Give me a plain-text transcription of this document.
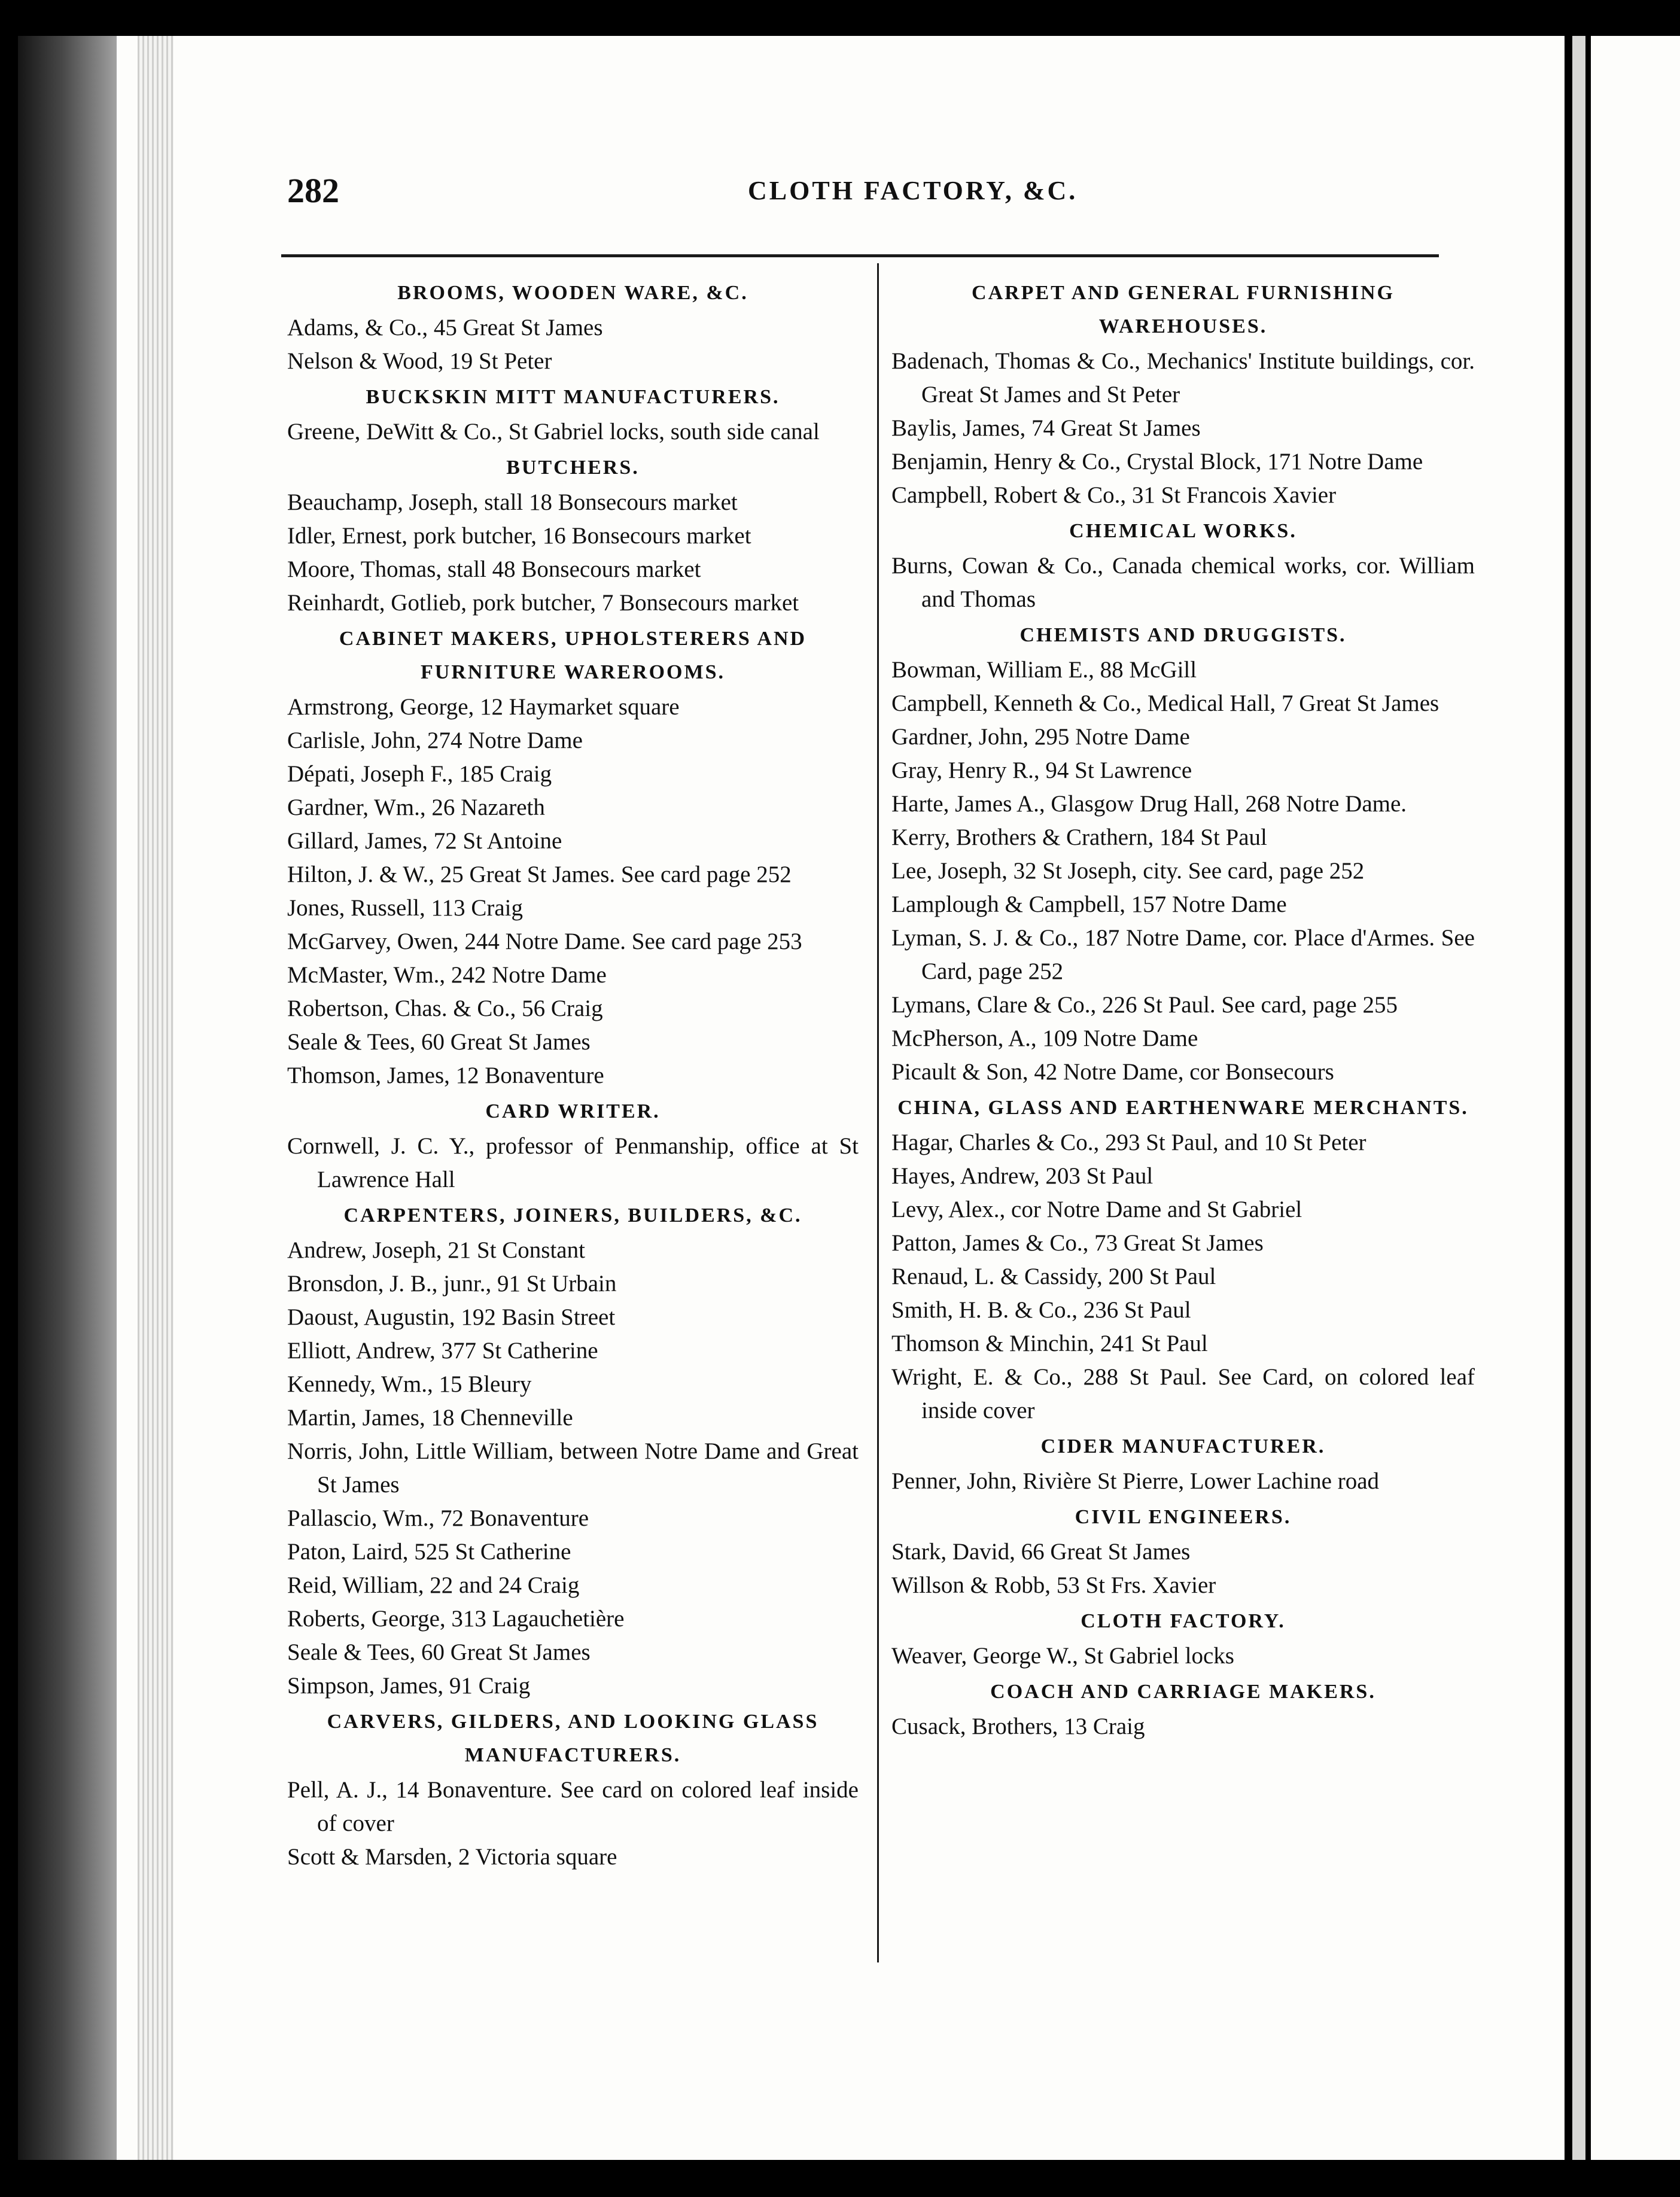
282	CLOTH FACTORY, &C.
BROOMS, WOODEN WARE, &C.
Adams, & Co., 45 Great St James
Nelson & Wood, 19 St Peter
BUCKSKIN MITT MANUFACTURERS.
Greene, DeWitt & Co., St Gabriel locks, south side canal
BUTCHERS.
Beauchamp, Joseph, stall 18 Bonsecours market
Idler, Ernest, pork butcher, 16 Bonsecours market
Moore, Thomas, stall 48 Bonsecours market
Reinhardt, Gotlieb, pork butcher, 7 Bonsecours market
CABINET MAKERS, UPHOLSTERERS AND FURNITURE WAREROOMS.
Armstrong, George, 12 Haymarket square
Carlisle, John, 274 Notre Dame
Dépati, Joseph F., 185 Craig
Gardner, Wm., 26 Nazareth
Gillard, James, 72 St Antoine
Hilton, J. & W., 25 Great St James. See card page 252
Jones, Russell, 113 Craig
McGarvey, Owen, 244 Notre Dame. See card page 253
McMaster, Wm., 242 Notre Dame
Robertson, Chas. & Co., 56 Craig
Seale & Tees, 60 Great St James
Thomson, James, 12 Bonaventure
CARD WRITER.
Cornwell, J. C. Y., professor of Penmanship, office at St Lawrence Hall
CARPENTERS, JOINERS, BUILDERS, &C.
Andrew, Joseph, 21 St Constant
Bronsdon, J. B., junr., 91 St Urbain
Daoust, Augustin, 192 Basin Street
Elliott, Andrew, 377 St Catherine
Kennedy, Wm., 15 Bleury
Martin, James, 18 Chenneville
Norris, John, Little William, between Notre Dame and Great St James
Pallascio, Wm., 72 Bonaventure
Paton, Laird, 525 St Catherine
Reid, William, 22 and 24 Craig
Roberts, George, 313 Lagauchetière
Seale & Tees, 60 Great St James
Simpson, James, 91 Craig
CARVERS, GILDERS, AND LOOKING GLASS MANUFACTURERS.
Pell, A. J., 14 Bonaventure. See card on colored leaf inside of cover
Scott & Marsden, 2 Victoria square
CARPET AND GENERAL FURNISHING WAREHOUSES.
Badenach, Thomas & Co., Mechanics' Institute buildings, cor. Great St James and St Peter
Baylis, James, 74 Great St James
Benjamin, Henry & Co., Crystal Block, 171 Notre Dame
Campbell, Robert & Co., 31 St Francois Xavier
CHEMICAL WORKS.
Burns, Cowan & Co., Canada chemical works, cor. William and Thomas
CHEMISTS AND DRUGGISTS.
Bowman, William E., 88 McGill
Campbell, Kenneth & Co., Medical Hall, 7 Great St James
Gardner, John, 295 Notre Dame
Gray, Henry R., 94 St Lawrence
Harte, James A., Glasgow Drug Hall, 268 Notre Dame.
Kerry, Brothers & Crathern, 184 St Paul
Lee, Joseph, 32 St Joseph, city. See card, page 252
Lamplough & Campbell, 157 Notre Dame
Lyman, S. J. & Co., 187 Notre Dame, cor. Place d'Armes. See Card, page 252
Lymans, Clare & Co., 226 St Paul. See card, page 255
McPherson, A., 109 Notre Dame
Picault & Son, 42 Notre Dame, cor Bonsecours
CHINA, GLASS AND EARTHENWARE MERCHANTS.
Hagar, Charles & Co., 293 St Paul, and 10 St Peter
Hayes, Andrew, 203 St Paul
Levy, Alex., cor Notre Dame and St Gabriel
Patton, James & Co., 73 Great St James
Renaud, L. & Cassidy, 200 St Paul
Smith, H. B. & Co., 236 St Paul
Thomson & Minchin, 241 St Paul
Wright, E. & Co., 288 St Paul. See Card, on colored leaf inside cover
CIDER MANUFACTURER.
Penner, John, Rivière St Pierre, Lower Lachine road
CIVIL ENGINEERS.
Stark, David, 66 Great St James
Willson & Robb, 53 St Frs. Xavier
CLOTH FACTORY.
Weaver, George W., St Gabriel locks
COACH AND CARRIAGE MAKERS.
Cusack, Brothers, 13 Craig
